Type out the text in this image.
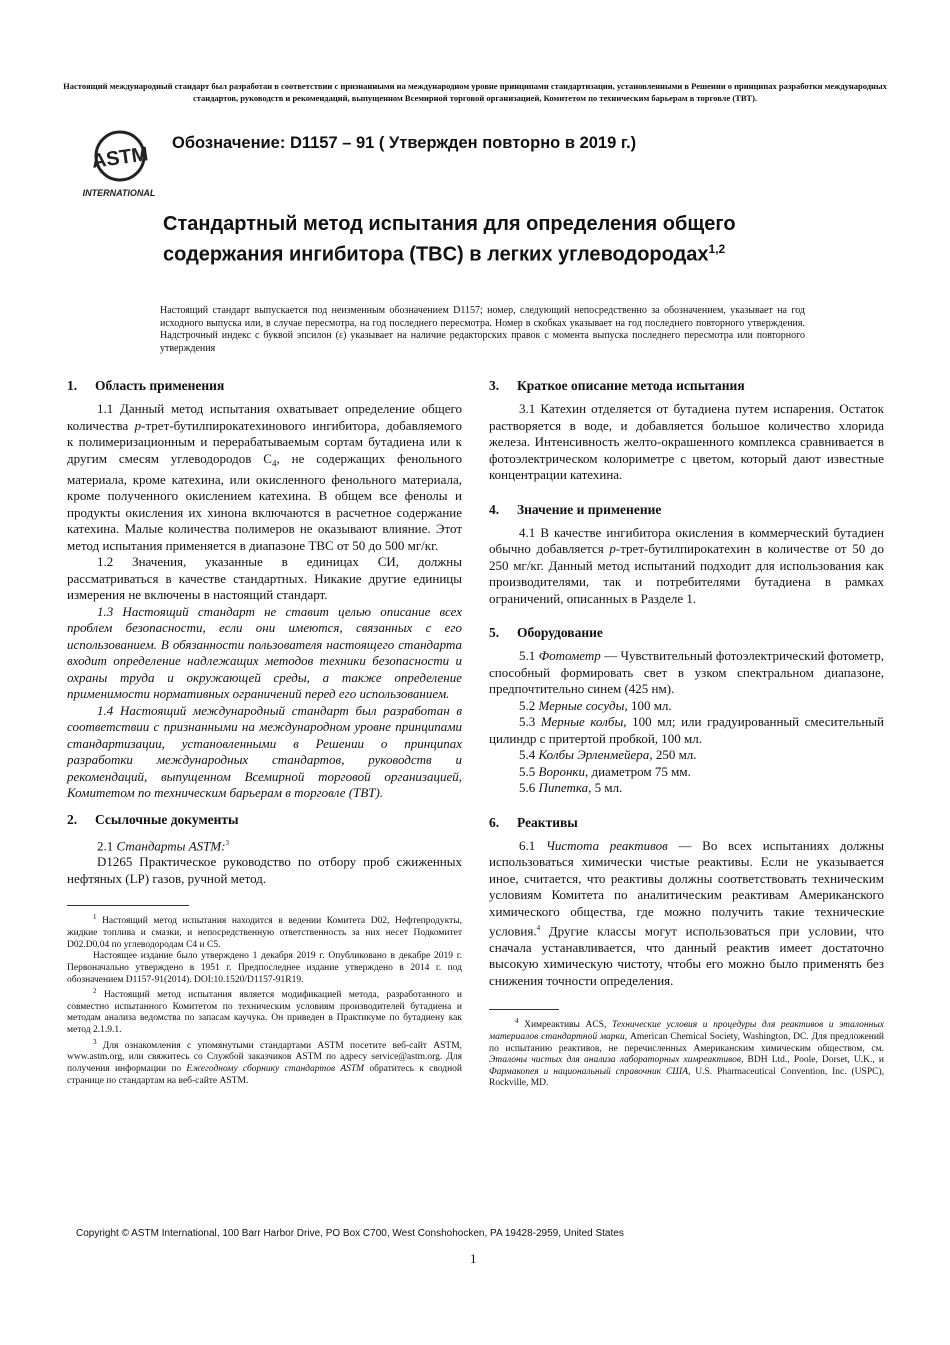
Настоящий международный стандарт был разработан в соответствии с признанными на международном уровне принципами стандартизации, установленными в Решении о принципах разработки международных стандартов, руководств и рекомендаций, выпущенном Всемирной торговой организацией, Комитетом по техническим барьерам в торговле (ТВТ).
ASTM
INTERNATIONAL
Обозначение: D1157 – 91 ( Утвержден повторно в 2019 г.)
Стандартный метод испытания для определения общего содержания ингибитора (TBC) в легких углеводородах$^{1,2}$
Настоящий стандарт выпускается под неизменным обозначением D1157; номер, следующий непосредственно за обозначением, указывает на год исходного выпуска или, в случае пересмотра, на год последнего пересмотра. Номер в скобках указывает на год последнего повторного утверждения. Надстрочный индекс с буквой эпсилон (ε) указывает на наличие редакторских правок с момента выпуска последнего пересмотра или повторного утверждения
1. Область применения

1.1 Данный метод испытания охватывает определение общего количества p-трет-бутилпирокатехинового ингибитора, добавляемого к полимеризационным и перерабатываемым сортам бутадиена или к другим смесям углеводородов $C_4$, не содержащих фенольного материала, кроме катехина, или окисленного фенольного материала, кроме полученного окислением катехина. В общем все фенолы и продукты окисления их хинона включаются в расчетное содержание катехина. Малые количества полимеров не оказывают влияние. Этот метод испытания применяется в диапазоне TBC от 50 до 500 мг/кг.

1.2 Значения, указанные в единицах СИ, должны рассматриваться в качестве стандартных. Никакие другие единицы измерения не включены в настоящий стандарт.

1.3 Настоящий стандарт не ставит целью описание всех проблем безопасности, если они имеются, связанных с его использованием. В обязанности пользователя настоящего стандарта входит определение надлежащих методов техники безопасности и охраны труда и окружающей среды, а также определение применимости нормативных ограничений перед его использованием.

1.4 Настоящий международный стандарт был разработан в соответствии с признанными на международном уровне принципами стандартизации, установленными в Решении о принципах разработки международных стандартов, руководств и рекомендаций, выпущенном Всемирной торговой организацией, Комитетом по техническим барьерам в торговле (TBT).

2. Ссылочные документы

2.1 Стандарты ASTM:$^3$

D1265 Практическое руководство по отбору проб сжиженных нефтяных (LP) газов, ручной метод.

$^1$ Настоящий метод испытания находится в ведении Комитета D02, Нефтепродукты, жидкие топлива и смазки, и непосредственную ответственность за них несет Подкомитет D02.D0.04 по углеводородам С4 и С5.

Настоящее издание было утверждено 1 декабря 2019 г. Опубликовано в декабре 2019 г. Первоначально утверждено в 1951 г. Предпоследнее издание утверждено в 2014 г. под обозначением D1157-91(2014). DOI:10.1520/D1157-91R19.

$^2$ Настоящий метод испытания является модификацией метода, разработанного и совместно испытанного Комитетом по техническим условиям производителей бутадиена и методам анализа ведомства по запасам каучука. Он приведен в Практикуме по бутадиену как метод 2.1.9.1.

$^3$ Для ознакомления с упомянутыми стандартами ASTM посетите веб-сайт ASTM, www.astm.org, или свяжитесь со Службой заказчиков ASTM по адресу service@astm.org. Для получения информации по Ежегодному сборнику стандартов ASTM обратитесь к сводной странице по стандартам на веб-сайте ASTM.

3. Краткое описание метода испытания

3.1 Катехин отделяется от бутадиена путем испарения. Остаток растворяется в воде, и добавляется большое количество хлорида железа. Интенсивность желто-окрашенного комплекса сравнивается в фотоэлектрическом колориметре с цветом, который дают известные концентрации катехина.

4. Значение и применение

4.1 В качестве ингибитора окисления в коммерческий бутадиен обычно добавляется p-трет-бутилпирокатехин в количестве от 50 до 250 мг/кг. Данный метод испытаний подходит для использования как производителями, так и потребителями бутадиена в рамках ограничений, описанных в Разделе 1.

5. Оборудование

5.1 Фотометр — Чувствительный фотоэлектрический фотометр, способный формировать свет в узком спектральном диапазоне, предпочтительно синем (425 нм).

5.2 Мерные сосуды, 100 мл.

5.3 Мерные колбы, 100 мл; или градуированный смесительный цилиндр с притертой пробкой, 100 мл.

5.4 Колбы Эрленмейера, 250 мл.

5.5 Воронки, диаметром 75 мм.

5.6 Пипетка, 5 мл.

6. Реактивы

6.1 Чистота реактивов — Во всех испытаниях должны использоваться химически чистые реактивы. Если не указывается иное, считается, что реактивы должны соответствовать техническим условиям Комитета по аналитическим реактивам Американского химического общества, где можно получить такие технические условия.$^4$ Другие классы могут использоваться при условии, что сначала устанавливается, что данный реактив имеет достаточно высокую химическую чистоту, чтобы его можно было применять без снижения точности определения.

$^4$ Химреактивы ACS, Технические условия и процедуры для реактивов и эталонных материалов стандартной марки, American Chemical Society, Washington, DC. Для предложений по испытанию реактивов, не перечисленных Американским химическим обществом, см. Эталоны чистых для анализа лабораторных химреактивов, BDH Ltd., Poole, Dorset, U.K., и Фармакопея и национальный справочник США, U.S. Pharmaceutical Convention, Inc. (USPC), Rockville, MD.

Copyright © ASTM International, 100 Barr Harbor Drive, PO Box C700, West Conshohocken, PA 19428-2959, United States
1
